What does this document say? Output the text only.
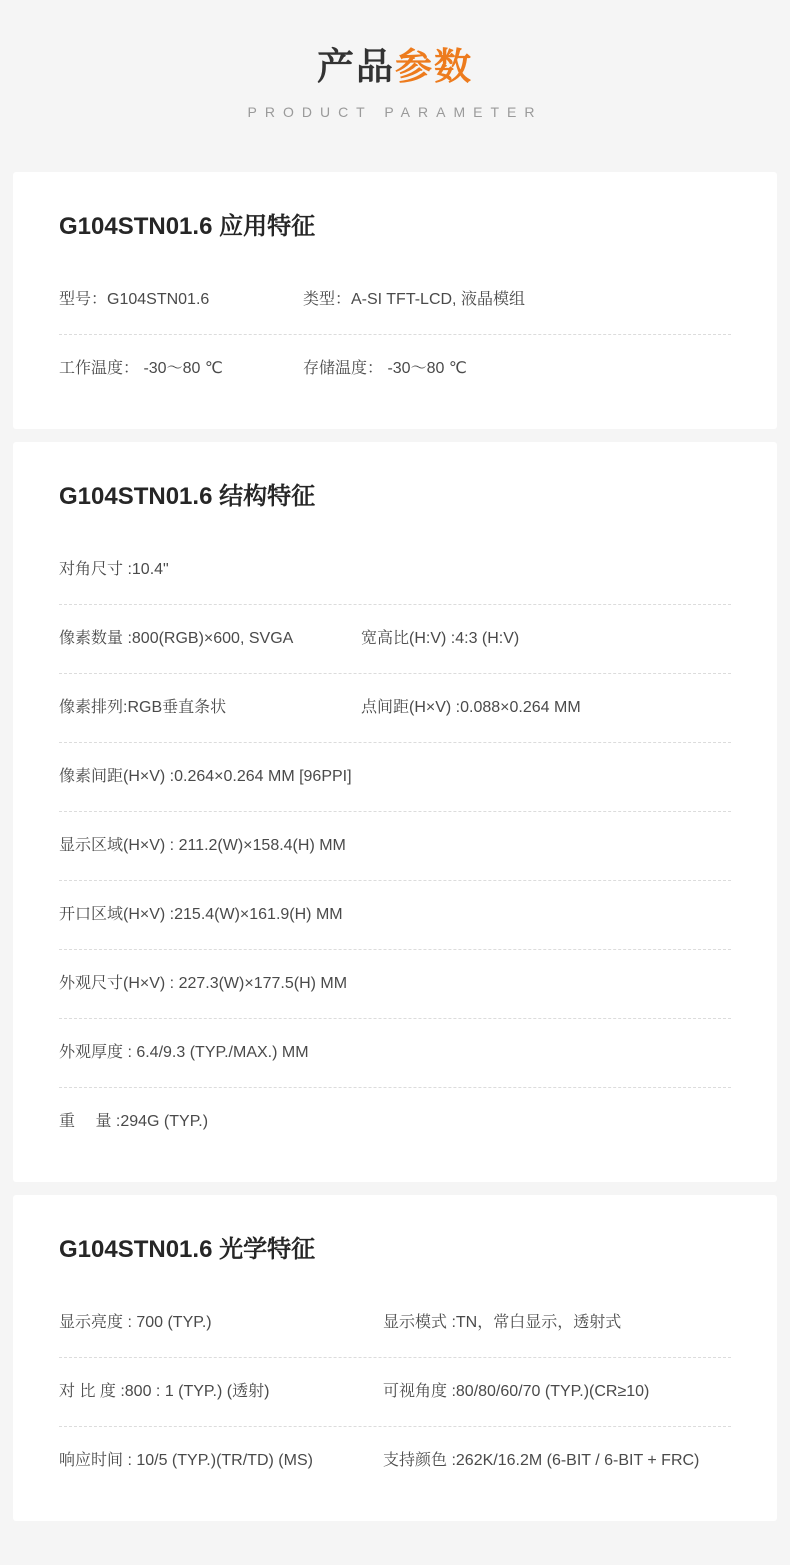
产品参数
PRODUCT PARAMETER
G104STN01.6 应用特征
型号：G104STN01.6	类型：A-SI TFT-LCD, 液晶模组
工作温度： -30～80 ℃	存储温度： -30～80 ℃
G104STN01.6 结构特征
对角尺寸 :10.4"
像素数量 :800(RGB)×600, SVGA	宽高比(H:V) :4:3 (H:V)
像素排列:RGB垂直条状	点间距(H×V) :0.088×0.264 MM
像素间距(H×V) :0.264×0.264 MM [96PPI]
显示区域(H×V) : 211.2(W)×158.4(H) MM
开口区域(H×V) :215.4(W)×161.9(H) MM
外观尺寸(H×V) : 227.3(W)×177.5(H) MM
外观厚度 : 6.4/9.3 (TYP./MAX.) MM
重　 量 :294G (TYP.)
G104STN01.6 光学特征
显示亮度 : 700 (TYP.)	显示模式 :TN，常白显示，透射式
对 比 度 :800 : 1 (TYP.) (透射)	可视角度 :80/80/60/70 (TYP.)(CR≥10)
响应时间 : 10/5 (TYP.)(TR/TD) (MS)	支持颜色 :262K/16.2M (6-BIT / 6-BIT + FRC)
